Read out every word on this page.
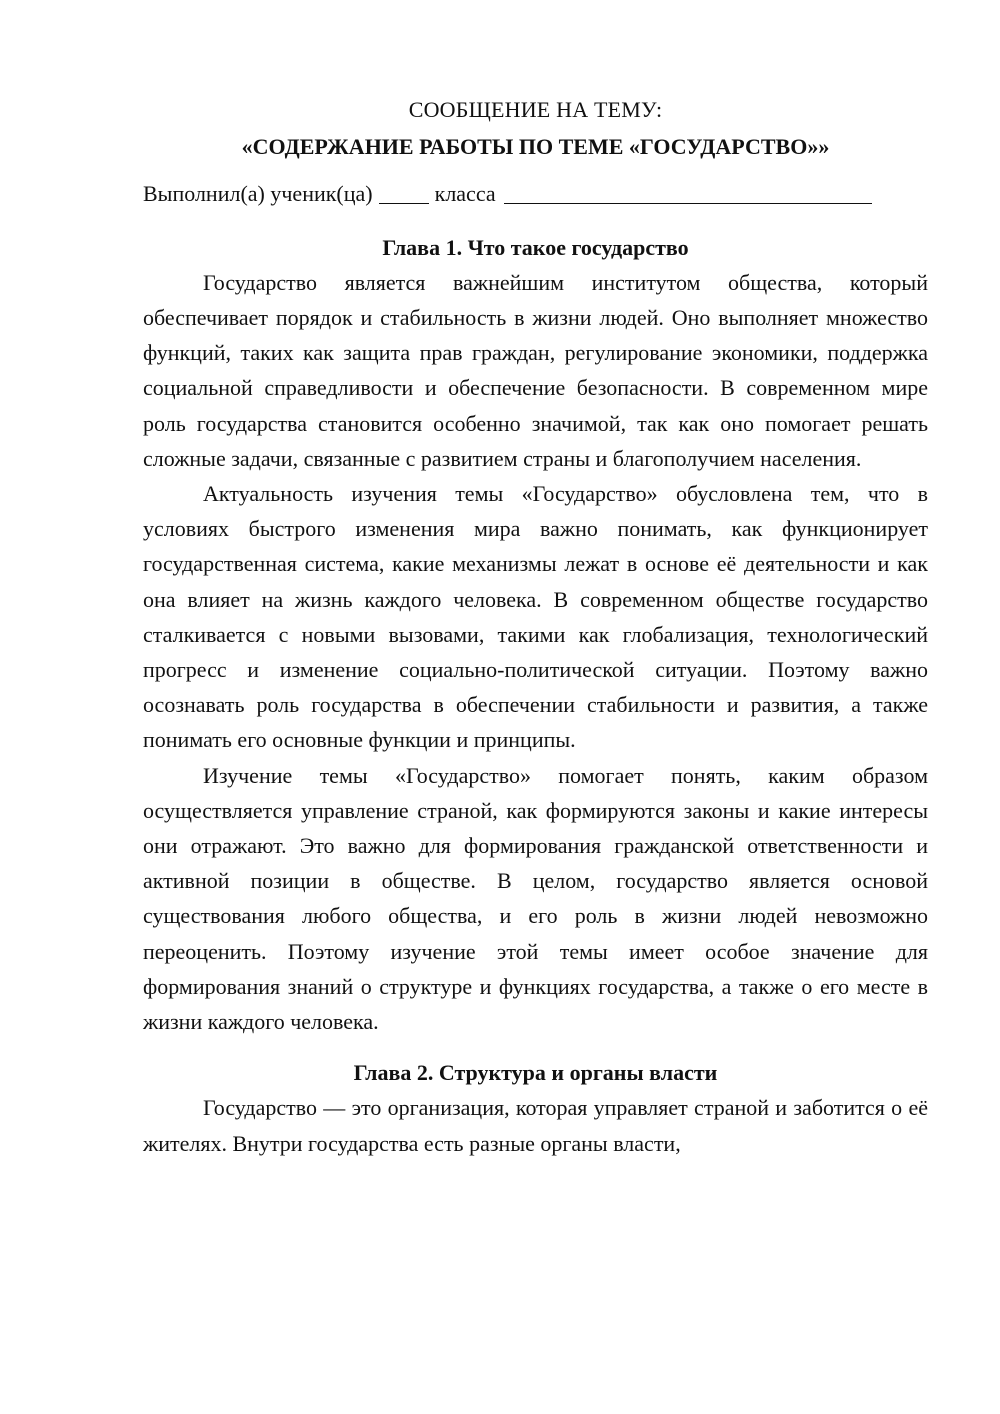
СООБЩЕНИЕ НА ТЕМУ:

«СОДЕРЖАНИЕ РАБОТЫ ПО ТЕМЕ «ГОСУДАРСТВО»»

Выполнил(а) ученик(ца)	класса

Глава 1. Что такое государство

Государство является важнейшим институтом общества, который обеспечивает порядок и стабильность в жизни людей. Оно выполняет множество функций, таких как защита прав граждан, регулирование экономики, поддержка социальной справедливости и обеспечение безопасности. В современном мире роль государства становится особенно значимой, так как оно помогает решать сложные задачи, связанные с развитием страны и благополучием населения.

Актуальность изучения темы «Государство» обусловлена тем, что в условиях быстрого изменения мира важно понимать, как функционирует государственная система, какие механизмы лежат в основе её деятельности и как она влияет на жизнь каждого человека. В современном обществе государство сталкивается с новыми вызовами, такими как глобализация, технологический прогресс и изменение социально-политической ситуации. Поэтому важно осознавать роль государства в обеспечении стабильности и развития, а также понимать его основные функции и принципы.

Изучение темы «Государство» помогает понять, каким образом осуществляется управление страной, как формируются законы и какие интересы они отражают. Это важно для формирования гражданской ответственности и активной позиции в обществе. В целом, государство является основой существования любого общества, и его роль в жизни людей невозможно переоценить. Поэтому изучение этой темы имеет особое значение для формирования знаний о структуре и функциях государства, а также о его месте в жизни каждого человека.

Глава 2. Структура и органы власти

Государство — это организация, которая управляет страной и заботится о её жителях. Внутри государства есть разные органы власти,
